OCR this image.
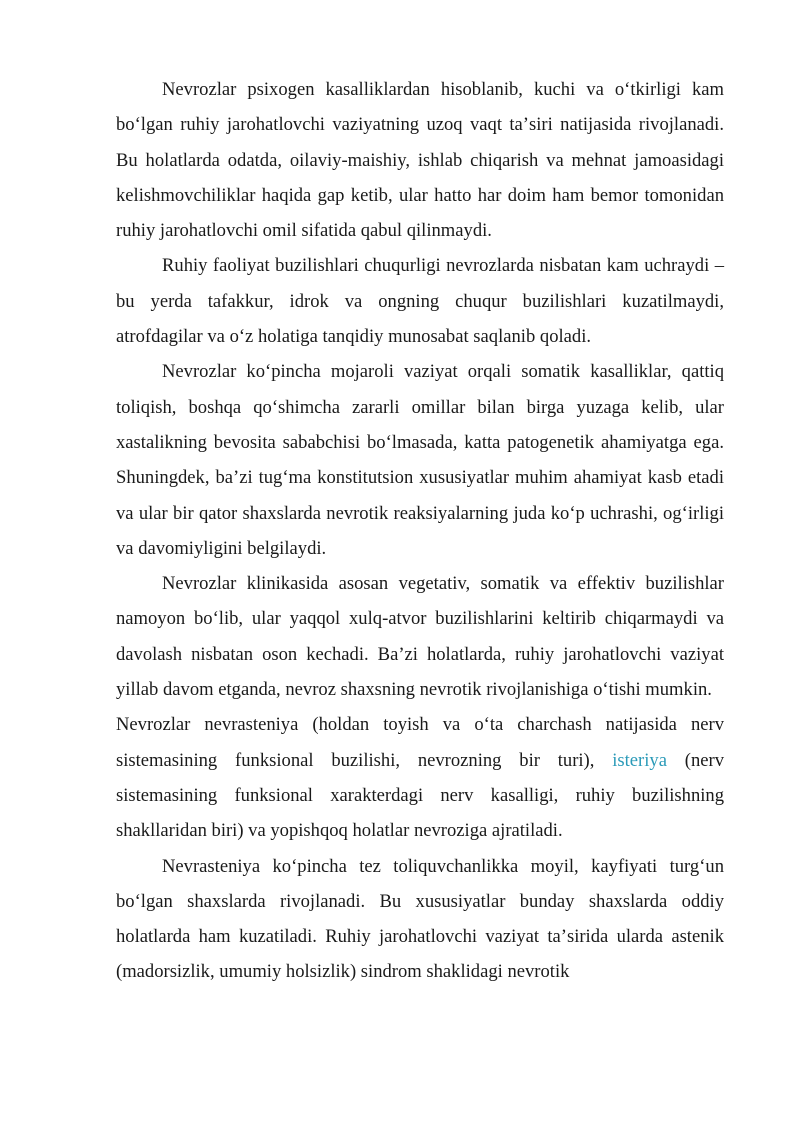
Nevrozlar psixogen kasalliklardan hisoblanib, kuchi va oʻtkirligi kam boʻlgan ruhiy jarohatlovchi vaziyatning uzoq vaqt taʼsiri natijasida rivojlanadi. Bu holatlarda odatda, oilaviy-maishiy, ishlab chiqarish va mehnat jamoasidagi kelishmovchiliklar haqida gap ketib, ular hatto har doim ham bemor tomonidan ruhiy jarohatlovchi omil sifatida qabul qilinmaydi.

Ruhiy faoliyat buzilishlari chuqurligi nevrozlarda nisbatan kam uchraydi – bu yerda tafakkur, idrok va ongning chuqur buzilishlari kuzatilmaydi, atrofdagilar va oʻz holatiga tanqidiy munosabat saqlanib qoladi.

Nevrozlar koʻpincha mojaroli vaziyat orqali somatik kasalliklar, qattiq toliqish, boshqa qoʻshimcha zararli omillar bilan birga yuzaga kelib, ular xastalikning bevosita sababchisi boʻlmasada, katta patogenetik ahamiyatga ega. Shuningdek, baʼzi tugʻma konstitutsion xususiyatlar muhim ahamiyat kasb etadi va ular bir qator shaxslarda nevrotik reaksiyalarning juda koʻp uchrashi, ogʻirligi va davomiyligini belgilaydi.

Nevrozlar klinikasida asosan vegetativ, somatik va effektiv buzilishlar namoyon boʻlib, ular yaqqol xulq-atvor buzilishlarini keltirib chiqarmaydi va davolash nisbatan oson kechadi. Baʼzi holatlarda, ruhiy jarohatlovchi vaziyat yillab davom etganda, nevroz shaxsning nevrotik rivojlanishiga oʻtishi mumkin.

Nevrozlar nevrasteniya (holdan toyish va oʻta charchash natijasida nerv sistemasining funksional buzilishi, nevrozning bir turi), isteriya (nerv sistemasining funksional xarakterdagi nerv kasalligi, ruhiy buzilishning shakllaridan biri) va yopishqoq holatlar nevroziga ajratiladi.

Nevrasteniya koʻpincha tez toliquvchanlikka moyil, kayfiyati turgʻun boʻlgan shaxslarda rivojlanadi. Bu xususiyatlar bunday shaxslarda oddiy holatlarda ham kuzatiladi. Ruhiy jarohatlovchi vaziyat taʼsirida ularda astenik (madorsizlik, umumiy holsizlik) sindrom shaklidagi nevrotik
